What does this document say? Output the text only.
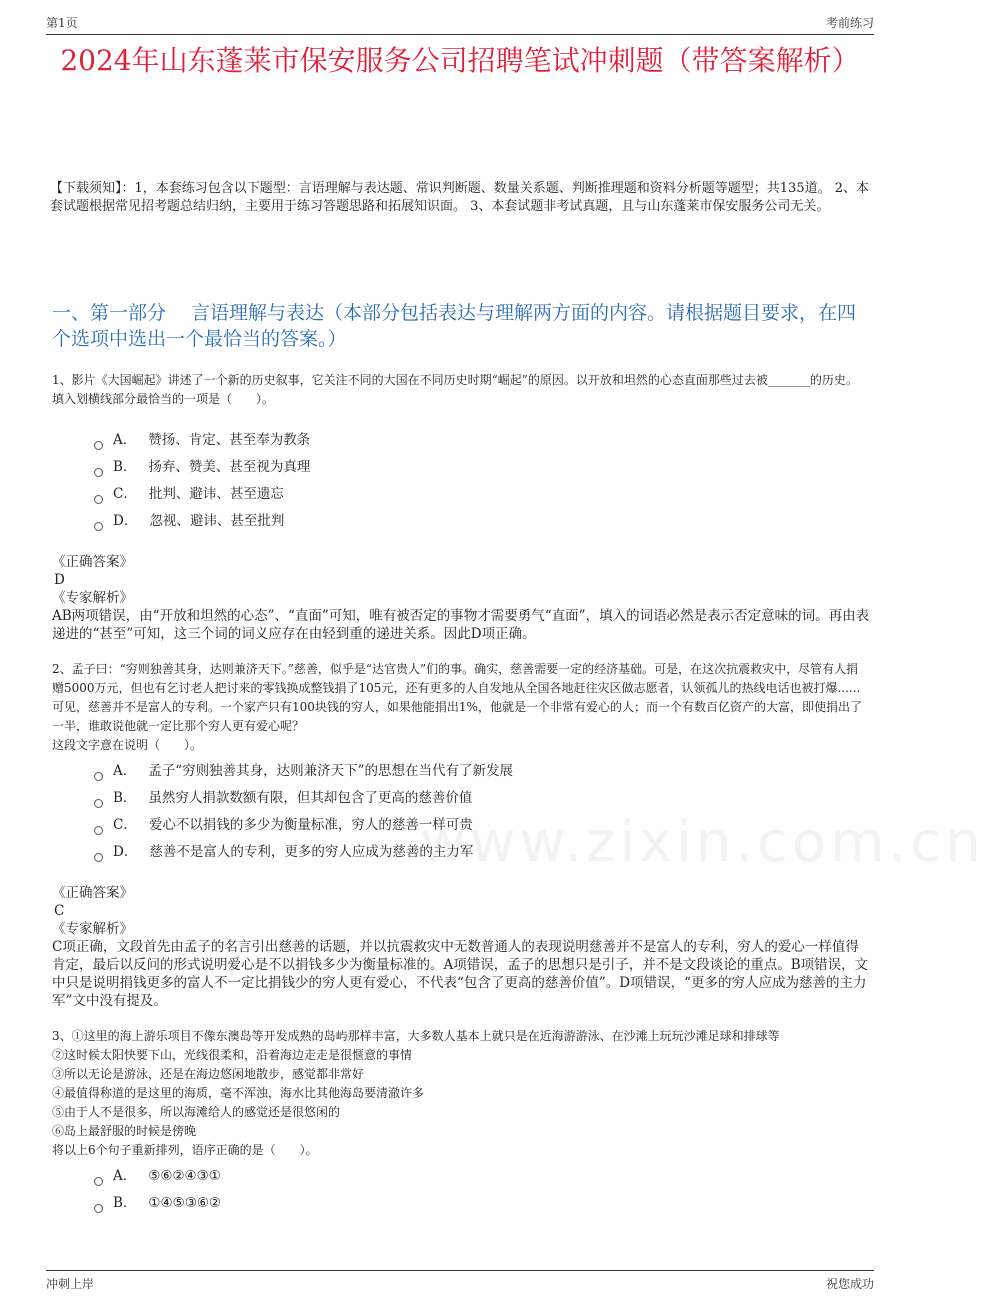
第1页	考前练习
www.zixin.com.cn
2024年山东蓬莱市保安服务公司招聘笔试冲刺题（带答案解析）

【下载须知】：1，本套练习包含以下题型：言语理解与表达题、常识判断题、数量关系题、判断推理题和资料分析题等题型；共135道。 2、本套试题根据常见招考题总结归纳，主要用于练习答题思路和拓展知识面。 3、本套试题非考试真题，且与山东蓬莱市保安服务公司无关。

一、第一部分　 言语理解与表达（本部分包括表达与理解两方面的内容。请根据题目要求，在四个选项中选出一个最恰当的答案。）

1、影片《大国崛起》讲述了一个新的历史叙事，它关注不同的大国在不同历史时期“崛起”的原因。以开放和坦然的心态直面那些过去被_______的历史。

填入划横线部分最恰当的一项是（　　）。

A． 赞扬、肯定、甚至奉为教条
B． 扬弃、赞美、甚至视为真理
C． 批判、避讳、甚至遗忘
D． 忽视、避讳、甚至批判

《正确答案》

D

《专家解析》

AB两项错误，由“开放和坦然的心态”、“直面”可知，唯有被否定的事物才需要勇气“直面”，填入的词语必然是表示否定意味的词。再由表递进的“甚至”可知，这三个词的词义应存在由轻到重的递进关系。因此D项正确。

2、孟子曰：“穷则独善其身，达则兼济天下。”慈善，似乎是“达官贵人”们的事。确实，慈善需要一定的经济基础。可是，在这次抗震救灾中，尽管有人捐赠5000万元，但也有乞讨老人把讨来的零钱换成整钱捐了105元，还有更多的人自发地从全国各地赶往灾区做志愿者，认领孤儿的热线电话也被打爆......可见，慈善并不是富人的专利。一个家产只有100块钱的穷人，如果他能捐出1%，他就是一个非常有爱心的人；而一个有数百亿资产的大富，即使捐出了一半，谁敢说他就一定比那个穷人更有爱心呢？

这段文字意在说明（　　）。

A． 孟子“穷则独善其身，达则兼济天下”的思想在当代有了新发展
B． 虽然穷人捐款数额有限，但其却包含了更高的慈善价值
C． 爱心不以捐钱的多少为衡量标准，穷人的慈善一样可贵
D． 慈善不是富人的专利，更多的穷人应成为慈善的主力军

《正确答案》

C

《专家解析》

C项正确，文段首先由孟子的名言引出慈善的话题，并以抗震救灾中无数普通人的表现说明慈善并不是富人的专利，穷人的爱心一样值得肯定，最后以反问的形式说明爱心是不以捐钱多少为衡量标准的。A项错误，孟子的思想只是引子，并不是文段谈论的重点。B项错误，文中只是说明捐钱更多的富人不一定比捐钱少的穷人更有爱心，不代表“包含了更高的慈善价值”。D项错误，“更多的穷人应成为慈善的主力军”文中没有提及。

3、①这里的海上游乐项目不像东澳岛等开发成熟的岛屿那样丰富，大多数人基本上就只是在近海游游泳、在沙滩上玩玩沙滩足球和排球等

②这时候太阳快要下山，光线很柔和，沿着海边走走是很惬意的事情

③所以无论是游泳，还是在海边悠闲地散步，感觉都非常好

④最值得称道的是这里的海质，毫不浑浊，海水比其他海岛要清澈许多

⑤由于人不是很多，所以海滩给人的感觉还是很悠闲的

⑥岛上最舒服的时候是傍晚

将以上6个句子重新排列，语序正确的是（　　）。

A． ⑤⑥②④③①
B． ①④⑤③⑥②
冲刺上岸	祝您成功
